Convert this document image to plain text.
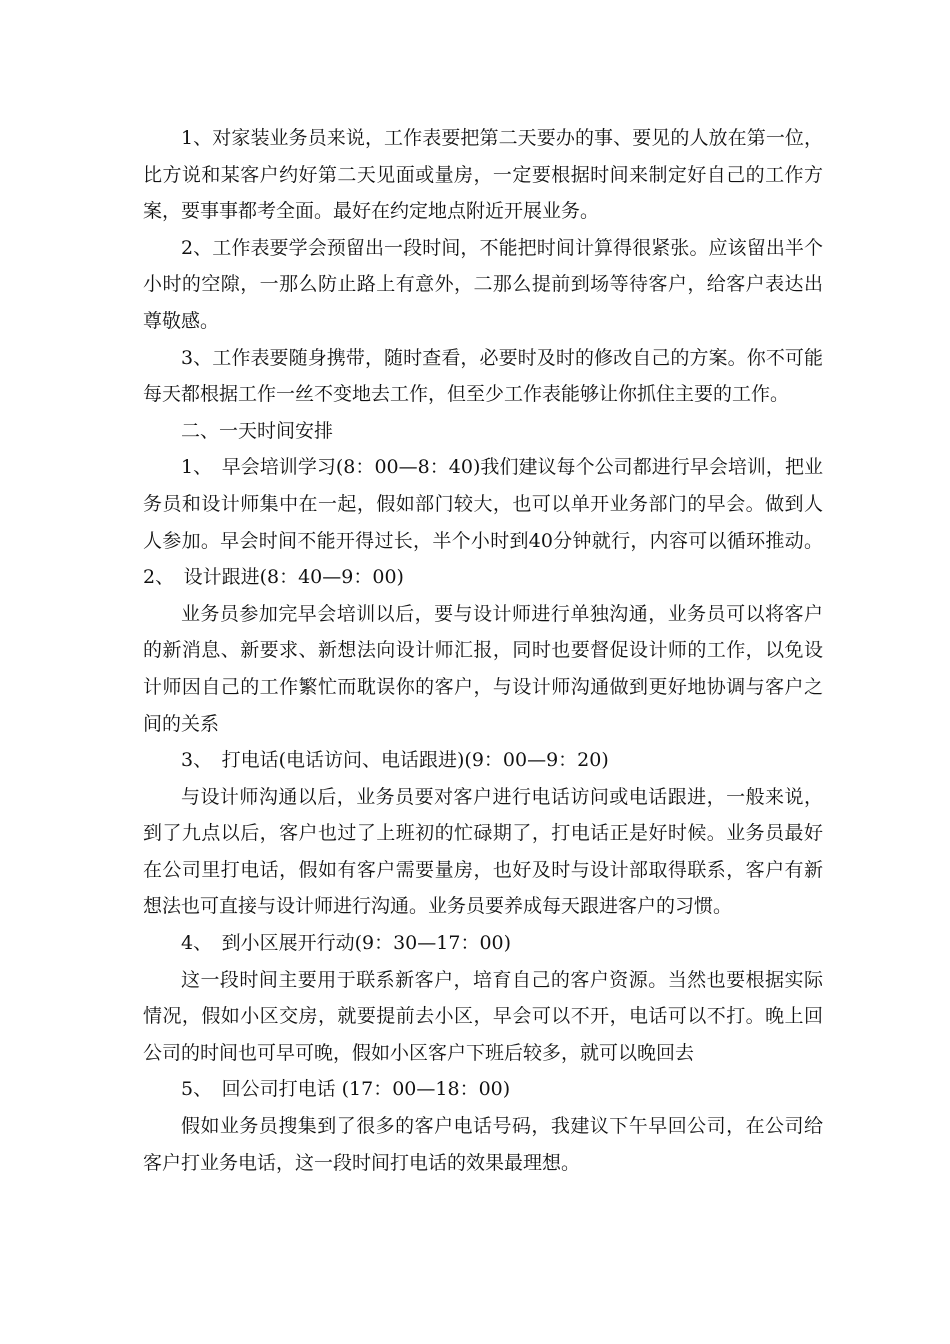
1、对家装业务员来说，工作表要把第二天要办的事、要见的人放在第一位，比方说和某客户约好第二天见面或量房，一定要根据时间来制定好自己的工作方案，要事事都考全面。最好在约定地点附近开展业务。

2、工作表要学会预留出一段时间，不能把时间计算得很紧张。应该留出半个小时的空隙，一那么防止路上有意外，二那么提前到场等待客户，给客户表达出尊敬感。

3、工作表要随身携带，随时查看，必要时及时的修改自己的方案。你不可能每天都根据工作一丝不变地去工作，但至少工作表能够让你抓住主要的工作。

二、一天时间安排

1、　早会培训学习(8：00—8：40)我们建议每个公司都进行早会培训，把业务员和设计师集中在一起，假如部门较大，也可以单开业务部门的早会。做到人人参加。早会时间不能开得过长，半个小时到40分钟就行，内容可以循环推动。2、　设计跟进(8：40—9：00)

业务员参加完早会培训以后，要与设计师进行单独沟通，业务员可以将客户的新消息、新要求、新想法向设计师汇报，同时也要督促设计师的工作，以免设计师因自己的工作繁忙而耽误你的客户，与设计师沟通做到更好地协调与客户之间的关系

3、　打电话(电话访问、电话跟进)(9：00—9：20)

与设计师沟通以后，业务员要对客户进行电话访问或电话跟进，一般来说，到了九点以后，客户也过了上班初的忙碌期了，打电话正是好时候。业务员最好在公司里打电话，假如有客户需要量房，也好及时与设计部取得联系，客户有新想法也可直接与设计师进行沟通。业务员要养成每天跟进客户的习惯。

4、　到小区展开行动(9：30—17：00)

这一段时间主要用于联系新客户，培育自己的客户资源。当然也要根据实际情况，假如小区交房，就要提前去小区，早会可以不开，电话可以不打。晚上回公司的时间也可早可晚，假如小区客户下班后较多，就可以晚回去

5、　回公司打电话 (17：00—18：00)

假如业务员搜集到了很多的客户电话号码，我建议下午早回公司，在公司给客户打业务电话，这一段时间打电话的效果最理想。
